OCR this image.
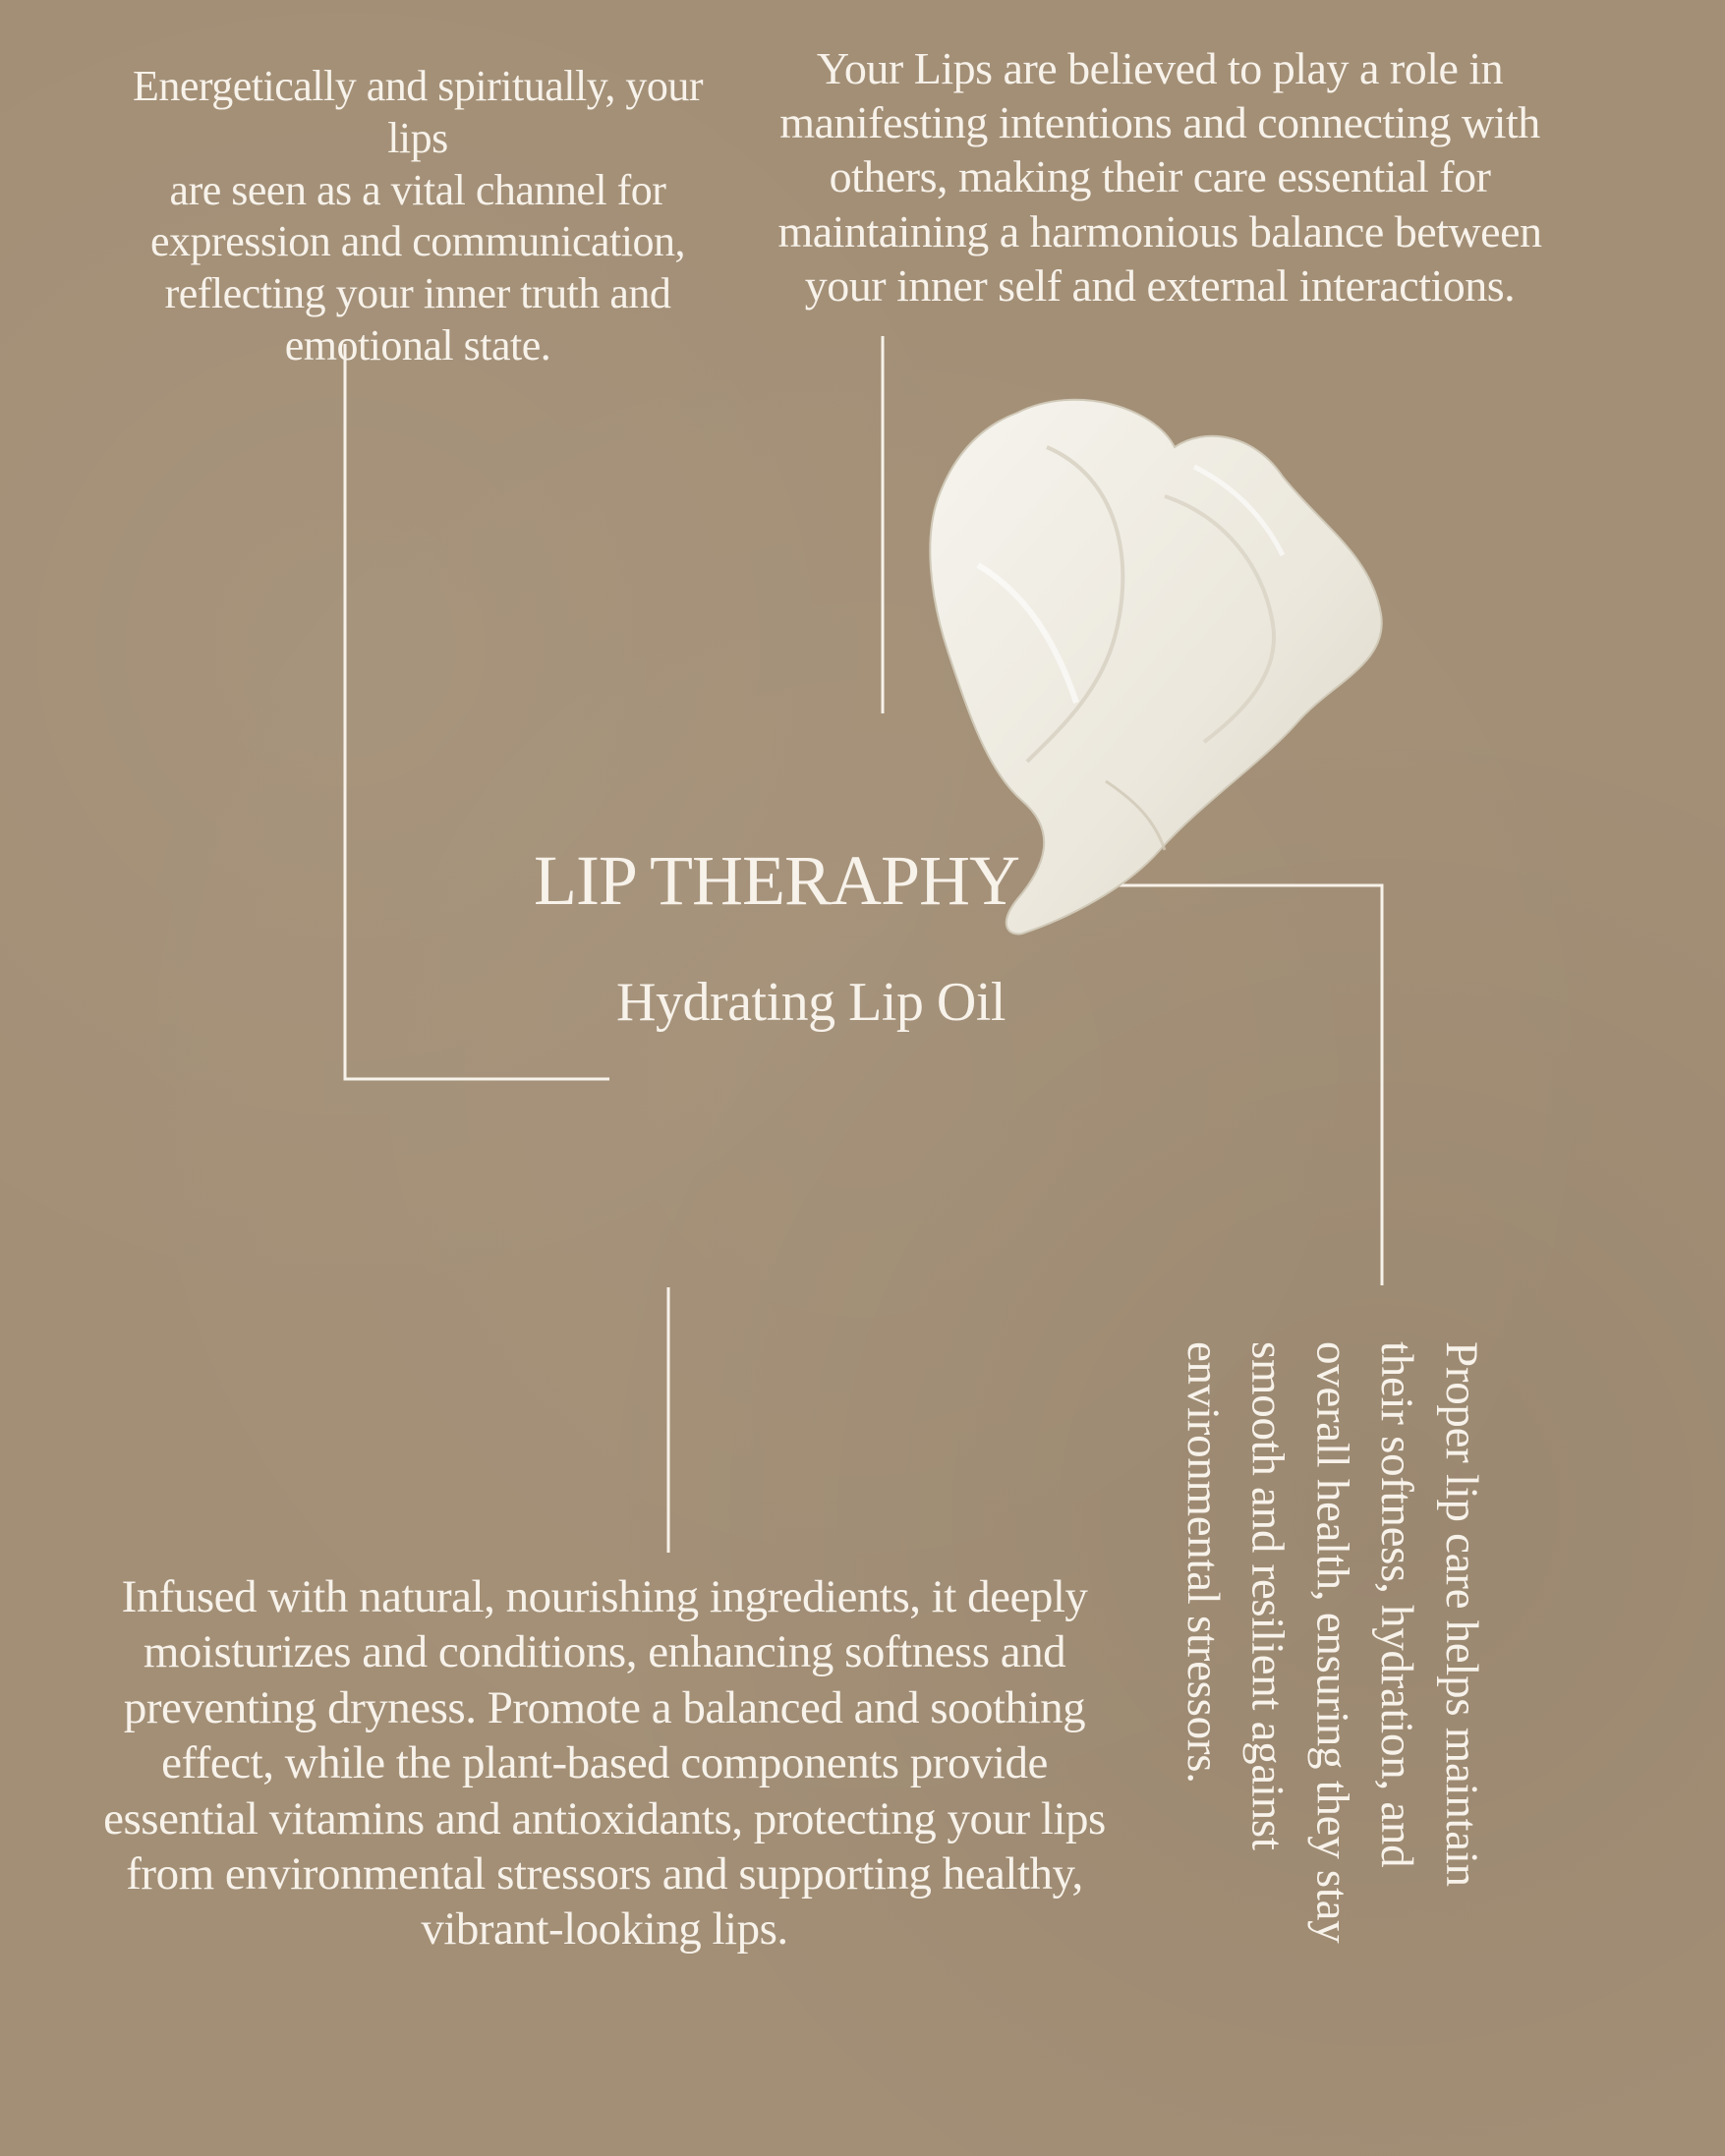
Energetically and spiritually, your lips
are seen as a vital channel for
expression and communication,
reflecting your inner truth and
emotional state.
Your Lips are believed to play a role in
manifesting intentions and connecting with
others, making their care essential for
maintaining a harmonious balance between
your inner self and external interactions.
LIP THERAPHY
Hydrating Lip Oil

Proper lip care helps maintain
their softness, hydration, and
overall health, ensuring they stay
smooth and resilient against
environmental stressors.

Infused with natural, nourishing ingredients, it deeply
moisturizes and conditions, enhancing softness and
preventing dryness. Promote a balanced and soothing
effect, while the plant-based components provide
essential vitamins and antioxidants, protecting your lips
from environmental stressors and supporting healthy,
vibrant-looking lips.
